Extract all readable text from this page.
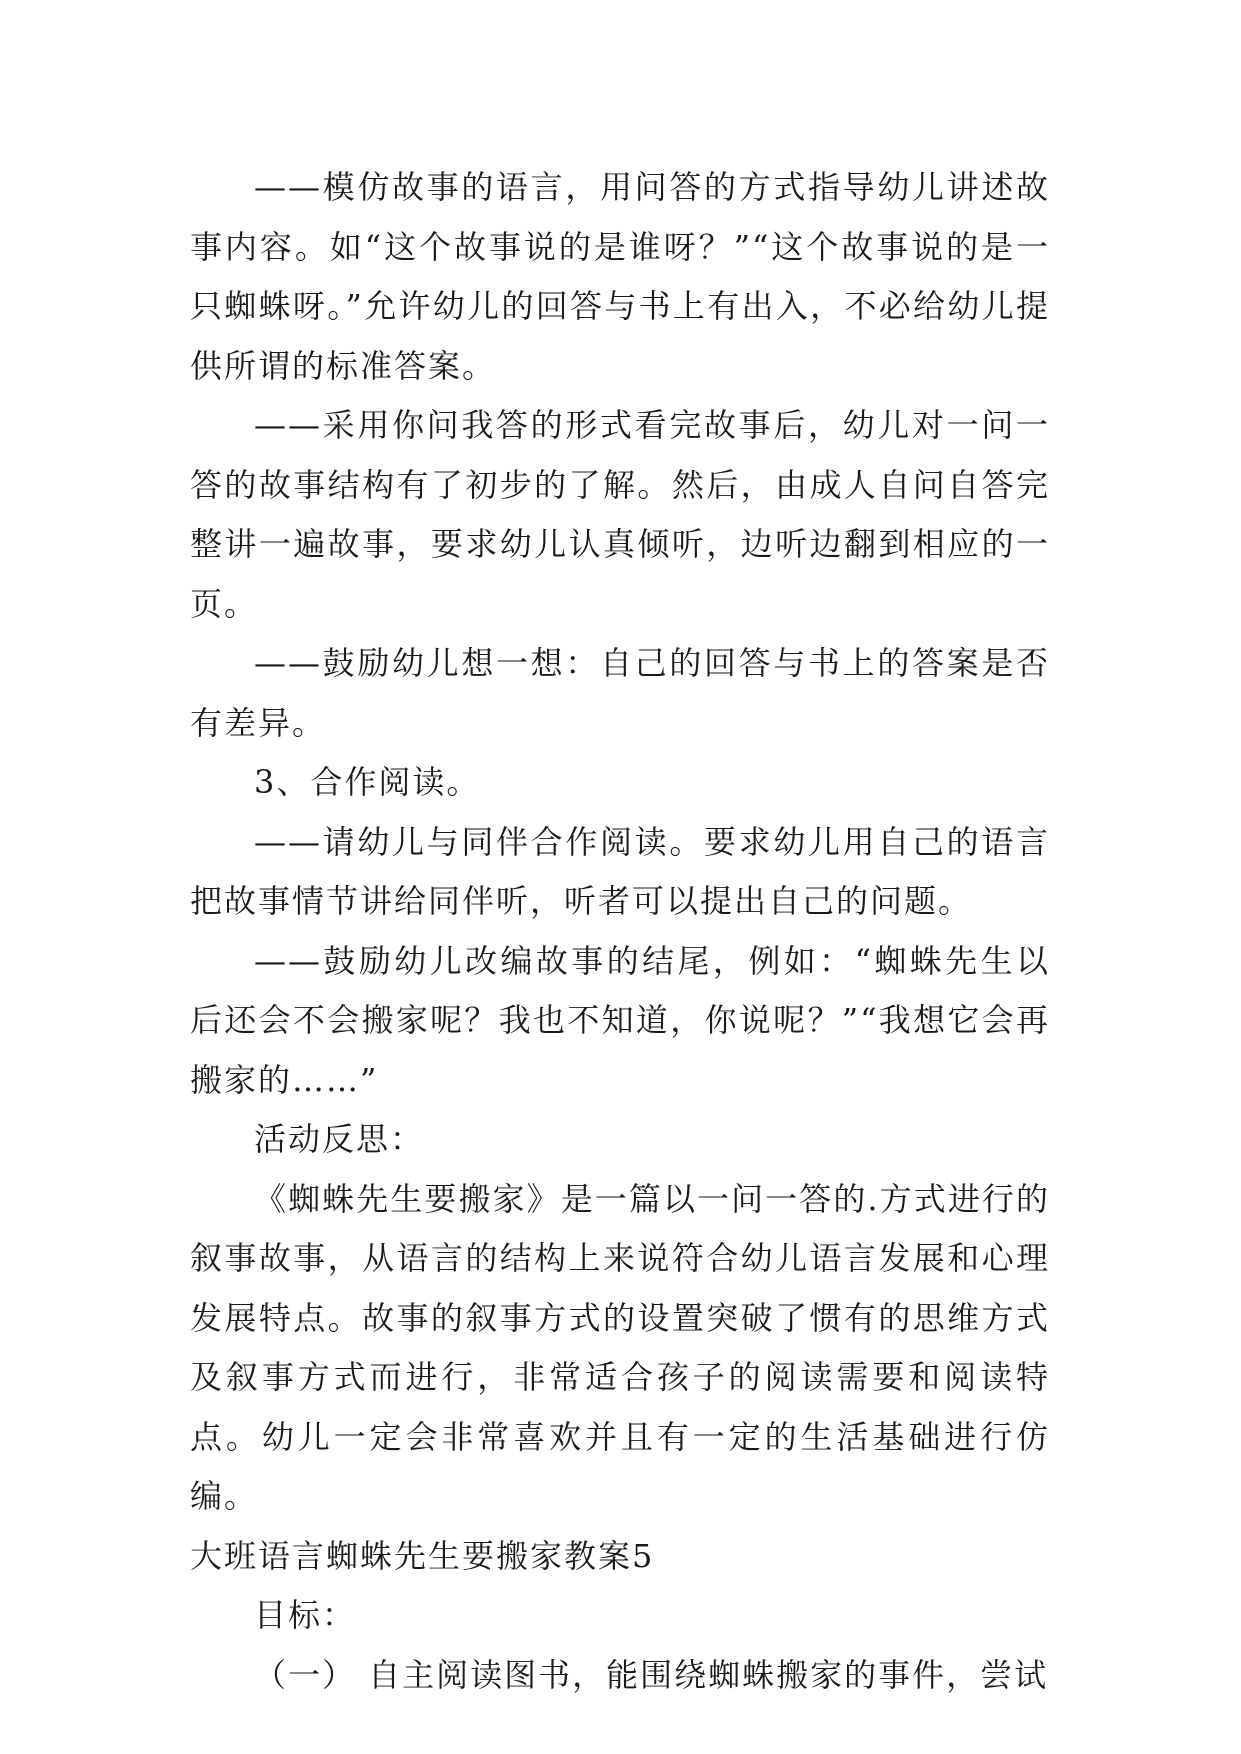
——模仿故事的语言，用问答的方式指导幼儿讲述故事内容。如“这个故事说的是谁呀？”“这个故事说的是一只蜘蛛呀。”允许幼儿的回答与书上有出入，不必给幼儿提供所谓的标准答案。

——采用你问我答的形式看完故事后，幼儿对一问一答的故事结构有了初步的了解。然后，由成人自问自答完整讲一遍故事，要求幼儿认真倾听，边听边翻到相应的一页。

——鼓励幼儿想一想：自己的回答与书上的答案是否有差异。

3、合作阅读。

——请幼儿与同伴合作阅读。要求幼儿用自己的语言把故事情节讲给同伴听，听者可以提出自己的问题。

——鼓励幼儿改编故事的结尾，例如：“蜘蛛先生以后还会不会搬家呢？我也不知道，你说呢？”“我想它会再搬家的……”

活动反思：

《蜘蛛先生要搬家》是一篇以一问一答的.方式进行的叙事故事，从语言的结构上来说符合幼儿语言发展和心理发展特点。故事的叙事方式的设置突破了惯有的思维方式及叙事方式而进行，非常适合孩子的阅读需要和阅读特点。幼儿一定会非常喜欢并且有一定的生活基础进行仿编。

大班语言蜘蛛先生要搬家教案5

目标：

（一） 自主阅读图书，能围绕蜘蛛搬家的事件，尝试
